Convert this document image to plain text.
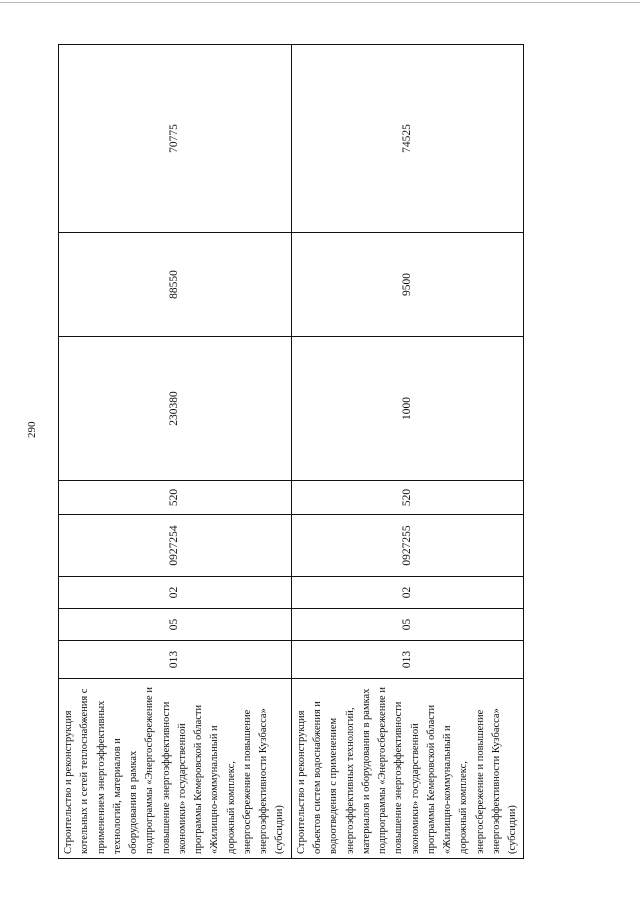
290
Строительство и реконструкция котельных и сетей теплоснабжения с применением энергоэффективных технологий, материалов и оборудования в рамках подпрограммы «Энергосбережение и повышение энергоэффективности экономики» государственной программы Кемеровской области «Жилищно-коммунальный и дорожный комплекс, энергосбережение и повышение энергоэффективности Кузбасса» (субсидии)	013	05	02	0927254	520	230380	88550	70775
Строительство и реконструкция объектов систем водоснабжения и водоотведения с применением энергоэффективных технологий, материалов и оборудования в рамках подпрограммы «Энергосбережение и повышение энергоэффективности экономики» государственной программы Кемеровской области «Жилищно-коммунальный и дорожный комплекс, энергосбережение и повышение энергоэффективности Кузбасса» (субсидии)	013	05	02	0927255	520	1000	9500	74525
